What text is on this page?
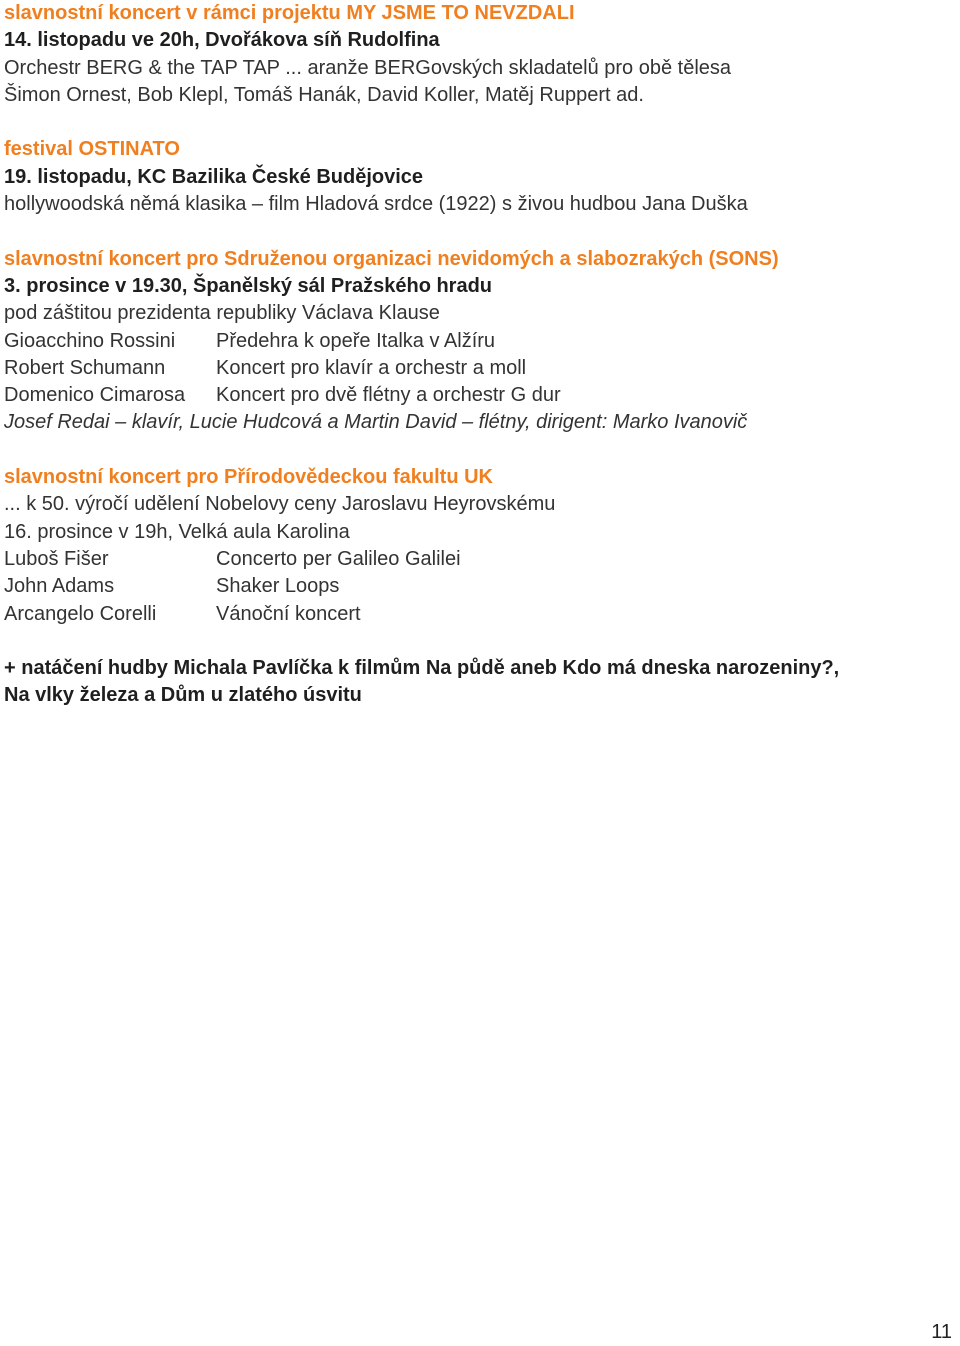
slavnostní koncert v rámci projektu MY JSME TO NEVZDALI
14. listopadu ve 20h, Dvořákova síň Rudolfina
Orchestr BERG & the TAP TAP ... aranže BERGovských skladatelů pro obě tělesa
Šimon Ornest, Bob Klepl, Tomáš Hanák, David Koller, Matěj Ruppert ad.
festival OSTINATO
19. listopadu, KC Bazilika České Budějovice
hollywoodská němá klasika – film Hladová srdce (1922) s živou hudbou Jana Duška
slavnostní koncert pro Sdruženou organizaci nevidomých a slabozrakých (SONS)
3. prosince v 19.30, Španělský sál Pražského hradu
pod záštitou prezidenta republiky Václava Klause
Gioacchino Rossini	Předehra k opeře Italka v Alžíru
Robert Schumann	Koncert pro klavír a orchestr a moll
Domenico Cimarosa	Koncert pro dvě flétny a orchestr G dur
Josef Redai – klavír, Lucie Hudcová a Martin David – flétny, dirigent: Marko Ivanovič
slavnostní koncert pro Přírodovědeckou fakultu UK
... k 50. výročí udělení Nobelovy ceny Jaroslavu Heyrovskému
16. prosince v 19h, Velká aula Karolina
Luboš Fišer	Concerto per Galileo Galilei
John Adams	Shaker Loops
Arcangelo Corelli	Vánoční koncert
+ natáčení hudby Michala Pavlíčka k filmům Na půdě aneb Kdo má dneska narozeniny?,
Na vlky železa a Dům u zlatého úsvitu
11
